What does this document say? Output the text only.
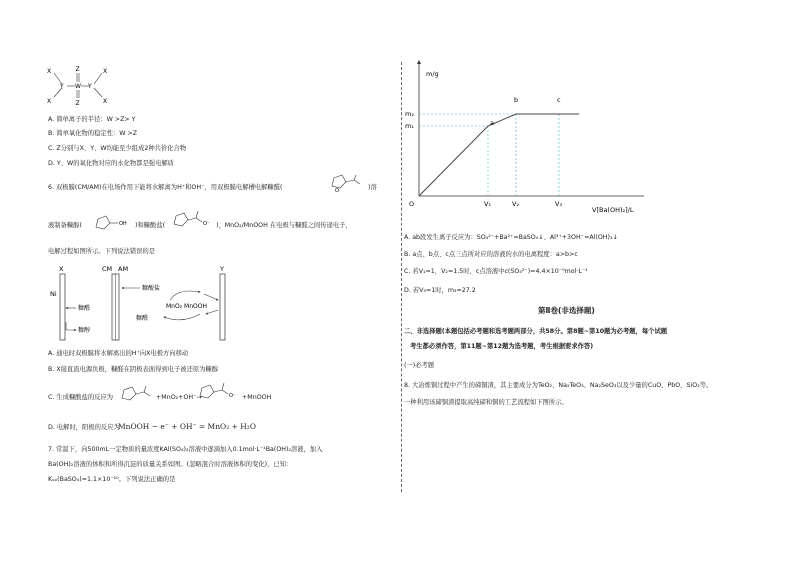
X	Z	X
Y W Y
X	Z	X
A. 简单离子的半径：W >Z> Y
B. 简单氧化物的稳定性：W >Z
C. Z分别与X、Y、W均能至少组成2种共价化合物
D. Y、W的氧化物对应的水化物都是强电解质
6. 双极膜(CM/AM)在电场作用下能将水解离为H⁺和OH⁻，用双极膜电解槽电解糠醛(	O	)溶
液制备糠醇(	OH )和糠酸盐(	O⁻ )，MnO₂/MnOOH 在电极与糠醛之间传递电子，
电解过程如图所示。下列说法错误的是
X
Ni
CM AM	Y
糠醛
糠醇
糠酸盐
糠醛
MnO₂ MnOOH
A. 通电时双极膜将水解离出的H⁺向X电极方向移动
B. X接直流电源负极，糠醛在阴极表面得到电子被还原为糠醇
C. 生成糠酸盐的反应为	+MnO₂+OH⁻→	O⁻ +MnOOH
D. 电解时，阳极的反应为
MnOOH − e⁻ + OH⁻ = MnO₂ + H₂O
7. 常温下，向500mL一定物质的量浓度KAl(SO₄)₂溶液中逐滴加入0.1mol·L⁻¹Ba(OH)₂溶液，加入
Ba(OH)₂溶液的体积和所得沉淀的质量关系如图。(忽略混合时溶液体积的变化)，已知：
Kₛₚ(BaSO₄)=1.1×10⁻¹⁰。下列说法正确的是
m/g
V[Ba(OH)₂]/L
O
a
b	c
V₁	V₂	V₃
m₂
m₁
A. ab段发生离子反应为：SO₄²⁻+Ba²⁺=BaSO₄↓、Al³⁺+3OH⁻=Al(OH)₃↓
B. a点、b点、c点三点所对应的溶液的水的电离程度：a>b>c
C. 若V₁=1，V₂=1.5时，c点溶液中c(SO₄²⁻)=4.4×10⁻⁹mol·L⁻¹
D. 若V₃=1时，m₂=27.2
第Ⅱ卷(非选择题)
二、非选择题(本题包括必考题和选考题两部分，共58分。第8题~第10题为必考题，每个试题
考生都必须作答，第11题~第12题为选考题，考生根据要求作答)
(一)必考题
8. 大冶炼铜过程中产生的碲铜渣，其主要成分为TeO₂、Na₂TeO₃、Na₂SeO₃以及少量的CuO、PbO、SiO₂等。
一种利用该碲铜渣提取高纯碲和铜的工艺流程如下图所示。
